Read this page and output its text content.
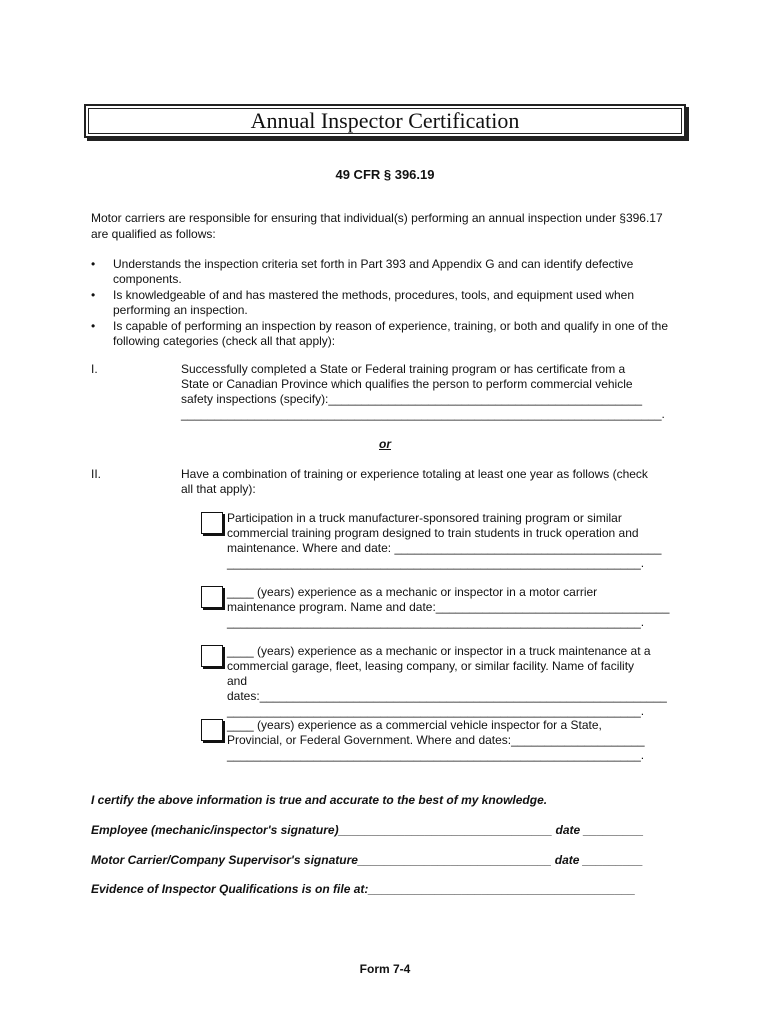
Annual Inspector Certification
49 CFR § 396.19
Motor carriers are responsible for ensuring that individual(s) performing an annual inspection under §396.17 are qualified as follows:
• Understands the inspection criteria set forth in Part 393 and Appendix G and can identify defective components.
• Is knowledgeable of and has mastered the methods, procedures, tools, and equipment used when performing an inspection.
• Is capable of performing an inspection by reason of experience, training, or both and qualify in one of the following categories (check all that apply):
I.	Successfully completed a State or Federal training program or has certificate from a
State or Canadian Province which qualifies the person to perform commercial vehicle
safety inspections (specify):_______________________________________________
________________________________________________________________________.
or
II.	Have a combination of training or experience totaling at least one year as follows (check
all that apply):
Participation in a truck manufacturer-sponsored training program or similar
commercial training program designed to train students in truck operation and
maintenance. Where and date: ________________________________________
______________________________________________________________.
____ (years) experience as a mechanic or inspector in a motor carrier
maintenance program. Name and date:___________________________________
______________________________________________________________.
____ (years) experience as a mechanic or inspector in a truck maintenance at a
commercial garage, fleet, leasing company, or similar facility. Name of facility
and dates:_____________________________________________________________
______________________________________________________________.
____ (years) experience as a commercial vehicle inspector for a State,
Provincial, or Federal Government. Where and dates:____________________
______________________________________________________________.
I certify the above information is true and accurate to the best of my knowledge.
Employee (mechanic/inspector's signature)________________________________ date _________
Motor Carrier/Company Supervisor's signature_____________________________ date _________
Evidence of Inspector Qualifications is on file at:________________________________________
Form 7-4
